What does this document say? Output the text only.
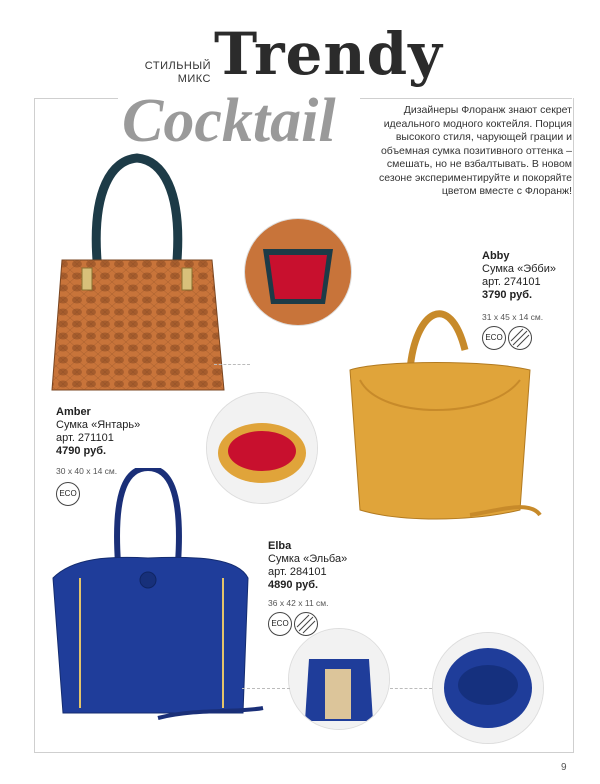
СТИЛЬНЫЙ
МИКС Trendy
Cocktail	Дизайнеры Флоранж знают секрет идеального модного коктейля. Порция высокого стиля, чарующей грации и объемная сумка позитивного оттенка – смешать, но не взбалтывать. В новом сезоне экспериментируйте и покоряйте цветом вместе с Флоранж!
Amber
Сумка «Янтарь»
арт. 271101
4790 руб.
30 x 40 x 14 см.
ECO
Abby
Сумка «Эбби»
арт. 274101
3790 руб.
31 x 45 x 14 см.
ECO
Elba
Сумка «Эльба»
арт. 284101
4890 руб.
36 x 42 x 11 см.
ECO
9
